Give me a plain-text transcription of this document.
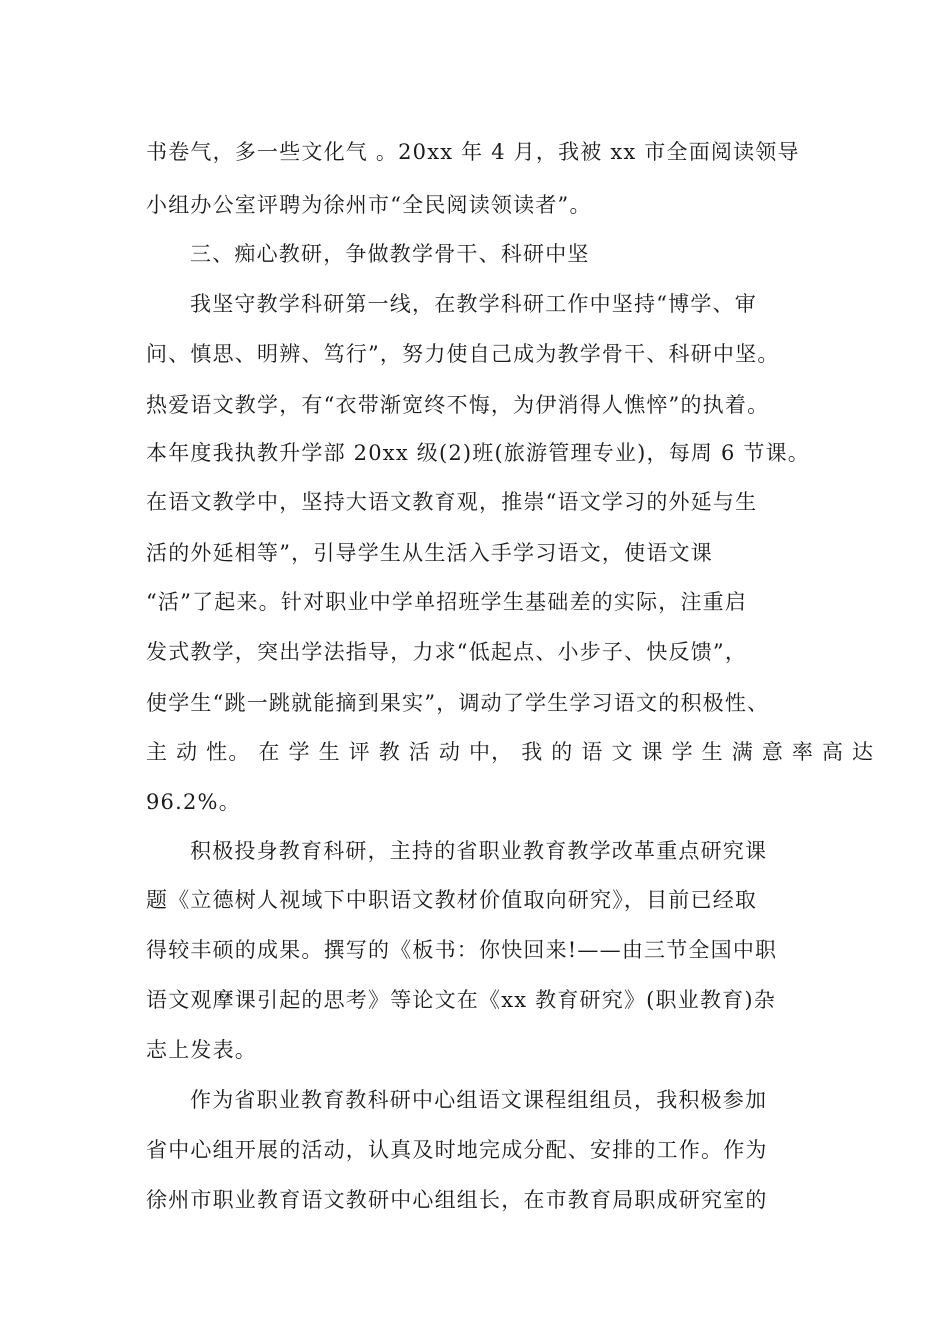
书卷气，多一些文化气 。20xx 年 4 月，我被 xx 市全面阅读领导
小组办公室评聘为徐州市“全民阅读领读者”。
三、痴心教研，争做教学骨干、科研中坚
我坚守教学科研第一线，在教学科研工作中坚持“博学、审
问、慎思、明辨、笃行”，努力使自己成为教学骨干、科研中坚。
热爱语文教学，有“衣带渐宽终不悔，为伊消得人憔悴”的执着。
本年度我执教升学部 20xx 级(2)班(旅游管理专业)，每周 6 节课。
在语文教学中，坚持大语文教育观，推崇“语文学习的外延与生
活的外延相等”，引导学生从生活入手学习语文，使语文课
“活”了起来。针对职业中学单招班学生基础差的实际，注重启
发式教学，突出学法指导，力求“低起点、小步子、快反馈”，
使学生“跳一跳就能摘到果实”，调动了学生学习语文的积极性、
主 动 性。 在 学 生 评 教 活 动 中， 我 的 语 文 课 学 生 满 意 率 高 达
96.2%。
积极投身教育科研，主持的省职业教育教学改革重点研究课
题《立德树人视域下中职语文教材价值取向研究》，目前已经取
得较丰硕的成果。撰写的《板书：你快回来!——由三节全国中职
语文观摩课引起的思考》等论文在《xx 教育研究》(职业教育)杂
志上发表。
作为省职业教育教科研中心组语文课程组组员，我积极参加
省中心组开展的活动，认真及时地完成分配、安排的工作。作为
徐州市职业教育语文教研中心组组长，在市教育局职成研究室的
